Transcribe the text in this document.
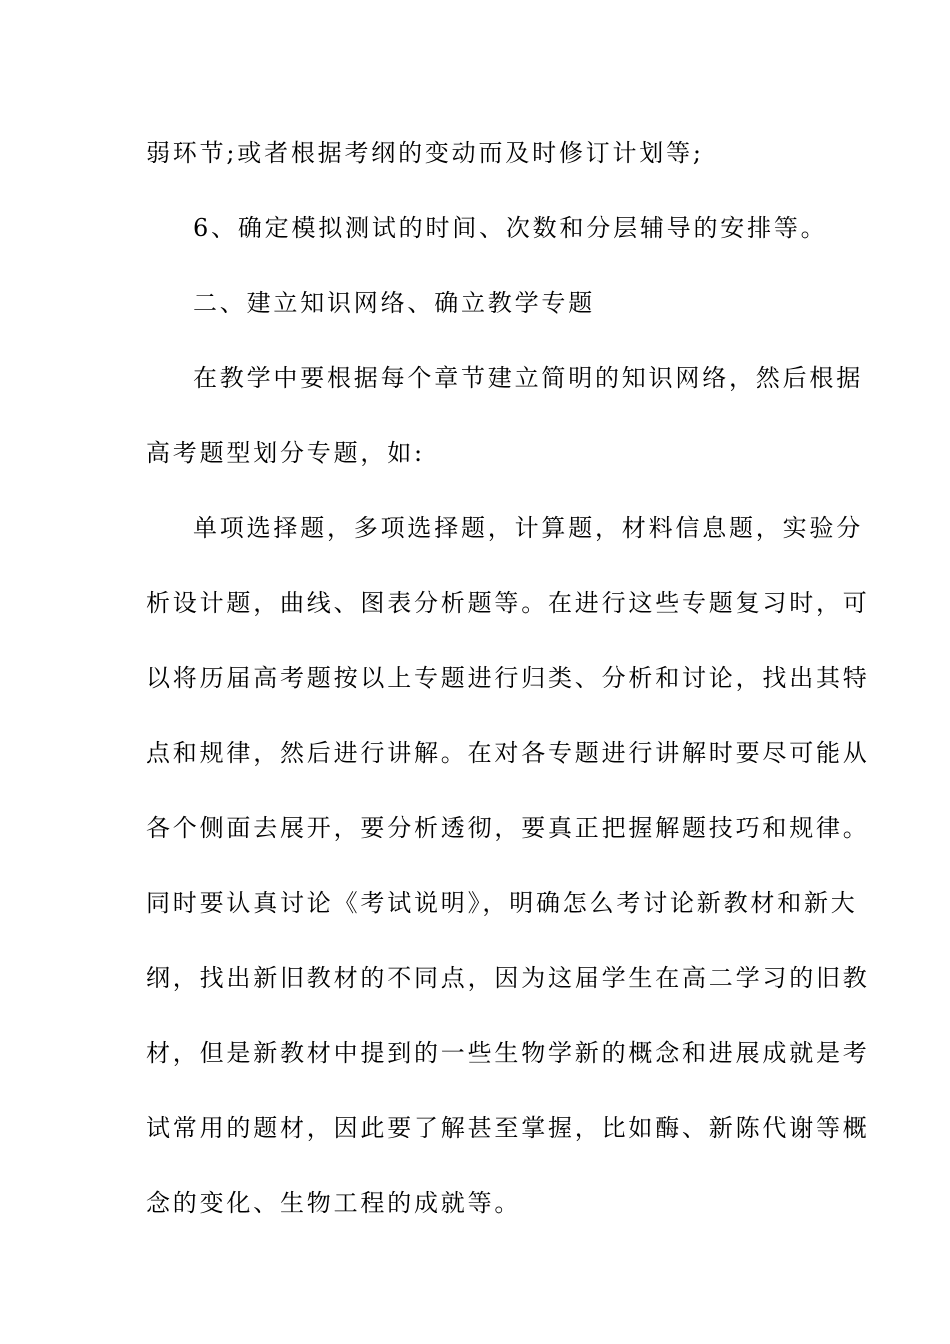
弱环节;或者根据考纲的变动而及时修订计划等;
6、确定模拟测试的时间、次数和分层辅导的安排等。
二、建立知识网络、确立教学专题
在教学中要根据每个章节建立简明的知识网络，然后根据
高考题型划分专题，如:
单项选择题，多项选择题，计算题，材料信息题，实验分
析设计题，曲线、图表分析题等。在进行这些专题复习时，可
以将历届高考题按以上专题进行归类、分析和讨论，找出其特
点和规律，然后进行讲解。在对各专题进行讲解时要尽可能从
各个侧面去展开，要分析透彻，要真正把握解题技巧和规律。
同时要认真讨论《考试说明》，明确怎么考讨论新教材和新大
纲，找出新旧教材的不同点，因为这届学生在高二学习的旧教
材，但是新教材中提到的一些生物学新的概念和进展成就是考
试常用的题材，因此要了解甚至掌握，比如酶、新陈代谢等概
念的变化、生物工程的成就等。
